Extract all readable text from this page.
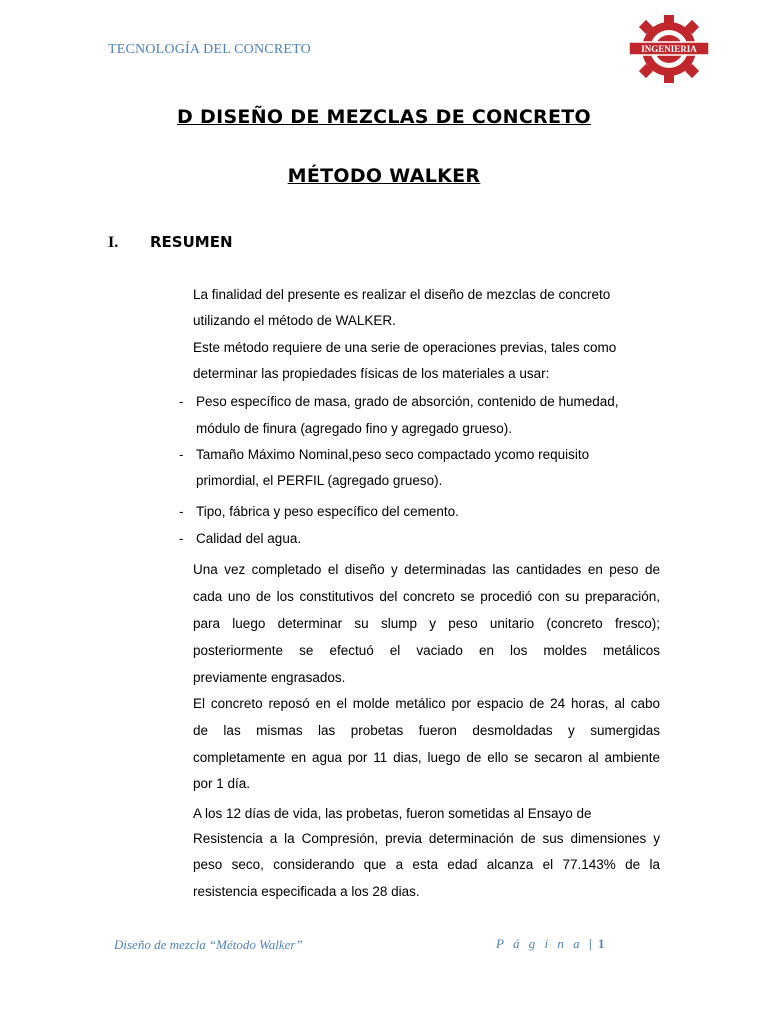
TECNOLOGÍA DEL CONCRETO	INGENIERIA
D DISEÑO DE MEZCLAS DE CONCRETO
MÉTODO WALKER
I. RESUMEN
La finalidad del presente es realizar el diseño de mezclas de concreto
utilizando el método de WALKER.
Este método requiere de una serie de operaciones previas, tales como
determinar las propiedades físicas de los materiales a usar:
- Peso específico de masa, grado de absorción, contenido de humedad,
módulo de finura (agregado fino y agregado grueso).
- Tamaño Máximo Nominal,peso seco compactado ycomo requisito
primordial, el PERFIL (agregado grueso).
- Tipo, fábrica y peso específico del cemento.
- Calidad del agua.
Una vez completado el diseño y determinadas las cantidades en peso de
cada uno de los constitutivos del concreto se procedió con su preparación,
para luego determinar su slump y peso unitario (concreto fresco);
posteriormente se efectuó el vaciado en los moldes metálicos
previamente engrasados.
El concreto reposó en el molde metálico por espacio de 24 horas, al cabo
de las mismas las probetas fueron desmoldadas y sumergidas
completamente en agua por 11 dias, luego de ello se secaron al ambiente
por 1 día.
A los 12 días de vida, las probetas, fueron sometidas al Ensayo de
Resistencia a la Compresión, previa determinación de sus dimensiones y
peso seco, considerando que a esta edad alcanza el 77.143% de la
resistencia especificada a los 28 dias.
Diseño de mezcla “Método Walker”	P á g i n a | 1
